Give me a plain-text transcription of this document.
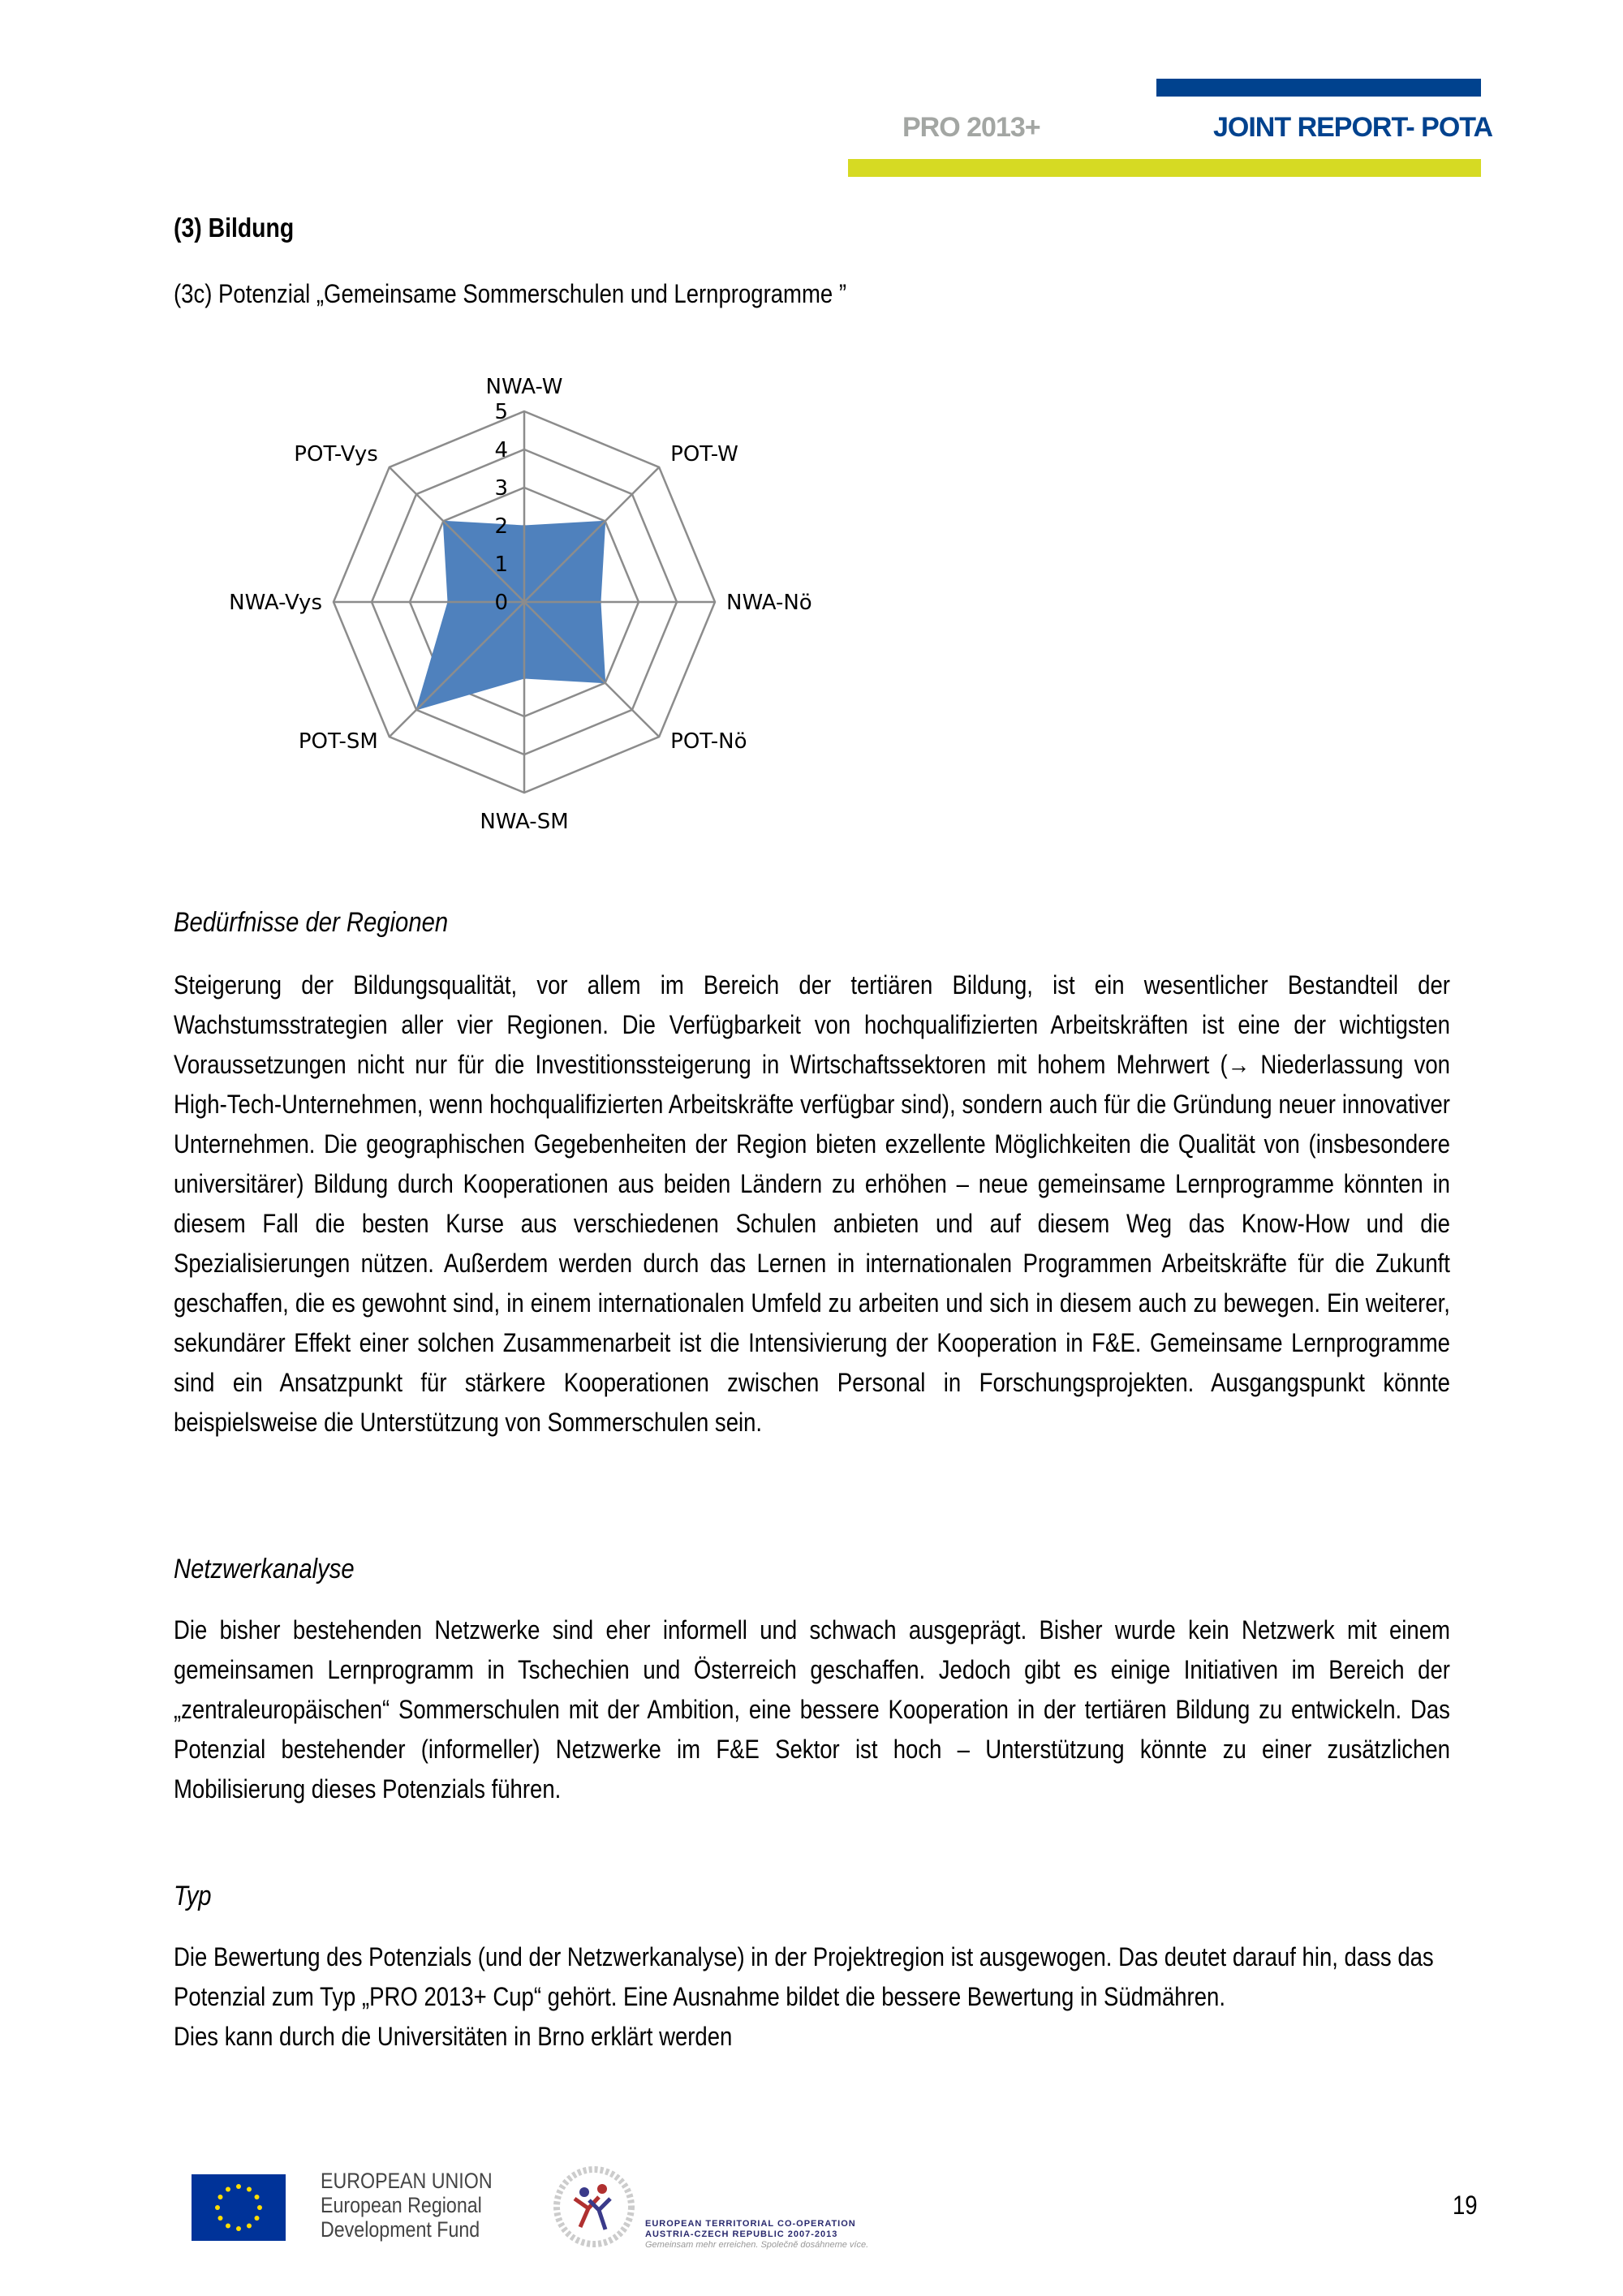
PRO 2013+	JOINT REPORT- POTA
(3) Bildung
(3c) Potenzial „Gemeinsame Sommerschulen und Lernprogramme ”
0
1
2
3
4
5
NWA-W
POT-W
NWA-Nö
POT-Nö
NWA-SM
POT-SM
NWA-Vys
POT-Vys
Bedürfnisse der Regionen
Steigerung der Bildungsqualität, vor allem im Bereich der tertiären Bildung, ist ein wesentlicher Bestandteil der Wachstumsstrategien aller vier Regionen. Die Verfügbarkeit von hochqualifizierten Arbeitskräften ist eine der wichtigsten Voraussetzungen nicht nur für die Investitionssteigerung in Wirtschaftssektoren mit hohem Mehrwert (→ Niederlassung von High-Tech-Unternehmen, wenn hochqualifizierten Arbeitskräfte verfügbar sind), sondern auch für die Gründung neuer innovativer Unternehmen. Die geographischen Gegebenheiten der Region bieten exzellente Möglichkeiten die Qualität von (insbesondere universitärer) Bildung durch Kooperationen aus beiden Ländern zu erhöhen – neue gemeinsame Lernprogramme könnten in diesem Fall die besten Kurse aus verschiedenen Schulen anbieten und auf diesem Weg das Know-How und die Spezialisierungen nützen. Außerdem werden durch das Lernen in internationalen Programmen Arbeitskräfte für die Zukunft geschaffen, die es gewohnt sind, in einem internationalen Umfeld zu arbeiten und sich in diesem auch zu bewegen. Ein weiterer, sekundärer Effekt einer solchen Zusammenarbeit ist die Intensivierung der Kooperation in F&E. Gemeinsame Lernprogramme sind ein Ansatzpunkt für stärkere Kooperationen zwischen Personal in Forschungsprojekten. Ausgangspunkt könnte beispielsweise die Unterstützung von Sommerschulen sein.
Netzwerkanalyse
Die bisher bestehenden Netzwerke sind eher informell und schwach ausgeprägt. Bisher wurde kein Netzwerk mit einem gemeinsamen Lernprogramm in Tschechien und Österreich geschaffen. Jedoch gibt es einige Initiativen im Bereich der „zentraleuropäischen“ Sommerschulen mit der Ambition, eine bessere Kooperation in der tertiären Bildung zu entwickeln. Das Potenzial bestehender (informeller) Netzwerke im F&E Sektor ist hoch – Unterstützung könnte zu einer zusätzlichen Mobilisierung dieses Potenzials führen.
Typ
Die Bewertung des Potenzials (und der Netzwerkanalyse) in der Projektregion ist ausgewogen. Das deutet darauf hin, dass das Potenzial zum Typ „PRO 2013+ Cup“ gehört. Eine Ausnahme bildet die bessere Bewertung in Südmähren.
Dies kann durch die Universitäten in Brno erklärt werden
EUROPEAN UNION
European Regional
Development Fund	EUROPEAN TERRITORIAL CO-OPERATION
AUSTRIA-CZECH REPUBLIC 2007-2013
Gemeinsam mehr erreichen. Společně dosáhneme více.
19
